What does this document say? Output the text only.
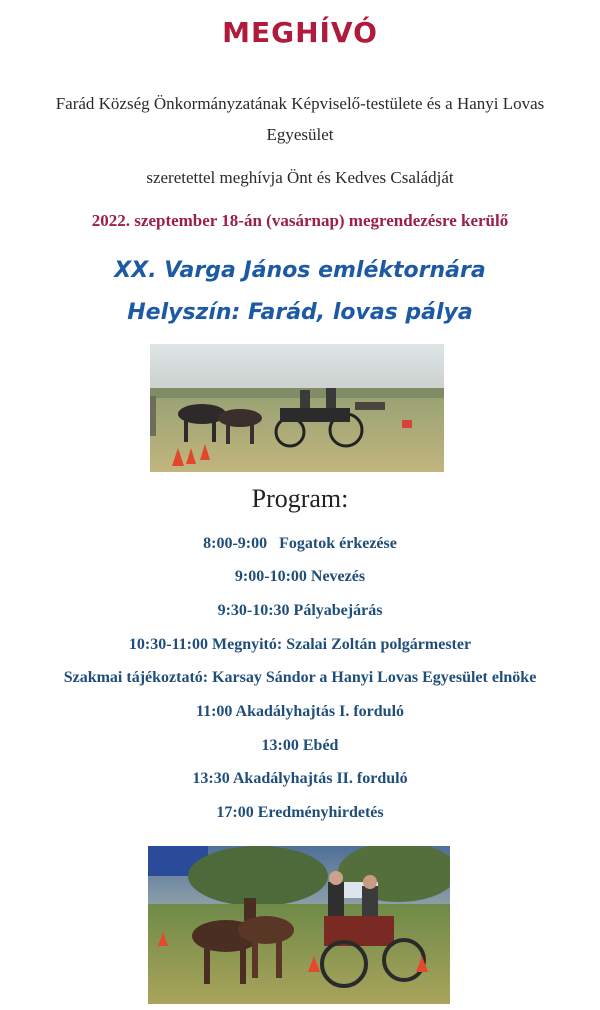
MEGHÍVÓ
Farád Község Önkormányzatának Képviselő-testülete és a Hanyi Lovas
Egyesület
szeretettel meghívja Önt és Kedves Családját
2022. szeptember 18-án (vasárnap) megrendezésre kerülő
XX. Varga János emléktornára
Helyszín: Farád, lovas pálya
Program:
8:00-9:00   Fogatok érkezése
9:00-10:00 Nevezés
9:30-10:30 Pályabejárás
10:30-11:00 Megnyitó: Szalai Zoltán polgármester
Szakmai tájékoztató: Karsay Sándor a Hanyi Lovas Egyesület elnöke
11:00 Akadályhajtás I. forduló
13:00 Ebéd
13:30 Akadályhajtás II. forduló
17:00 Eredményhirdetés
